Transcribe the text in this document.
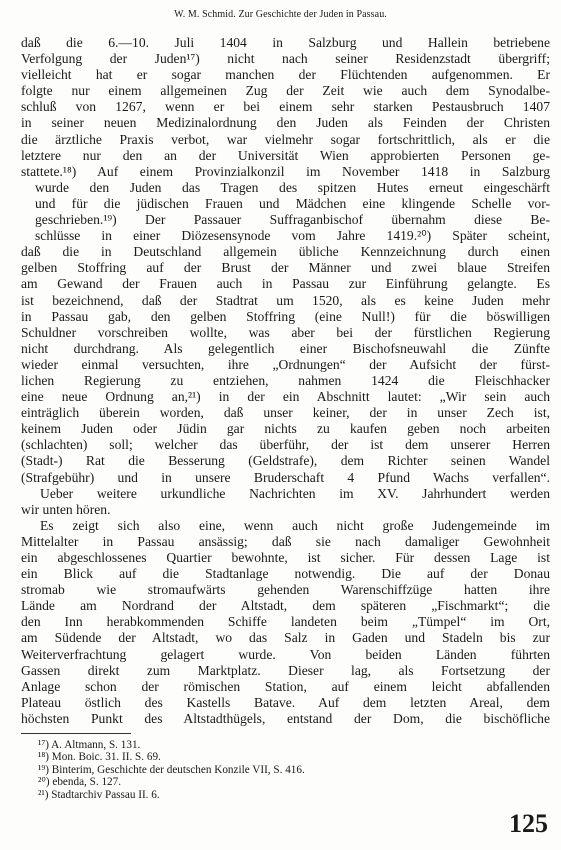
W. M. Schmid. Zur Geschichte der Juden in Passau.
daß die 6.—10. Juli 1404 in Salzburg und Hallein betriebene
Verfolgung der Juden¹⁷) nicht nach seiner Residenzstadt übergriff;
vielleicht hat er sogar manchen der Flüchtenden aufgenommen. Er
folgte nur einem allgemeinen Zug der Zeit wie auch dem Synodalbe-
schluß von 1267, wenn er bei einem sehr starken Pestausbruch 1407
in seiner neuen Medizinalordnung den Juden als Feinden der Christen
die ärztliche Praxis verbot, war vielmehr sogar fortschrittlich, als er die
letztere nur den an der Universität Wien approbierten Personen ge-
stattete.¹⁸) Auf einem Provinzialkonzil im November 1418 in Salzburg
wurde den Juden das Tragen des spitzen Hutes erneut eingeschärft
und für die jüdischen Frauen und Mädchen eine klingende Schelle vor-
geschrieben.¹⁹) Der Passauer Suffraganbischof übernahm diese Be-
schlüsse in einer Diözesensynode vom Jahre 1419.²⁰) Später scheint,
daß die in Deutschland allgemein übliche Kennzeichnung durch einen
gelben Stoffring auf der Brust der Männer und zwei blaue Streifen
am Gewand der Frauen auch in Passau zur Einführung gelangte. Es
ist bezeichnend, daß der Stadtrat um 1520, als es keine Juden mehr
in Passau gab, den gelben Stoffring (eine Null!) für die böswilligen
Schuldner vorschreiben wollte, was aber bei der fürstlichen Regierung
nicht durchdrang. Als gelegentlich einer Bischofsneuwahl die Zünfte
wieder einmal versuchten, ihre „Ordnungen“ der Aufsicht der fürst-
lichen Regierung zu entziehen, nahmen 1424 die Fleischhacker
eine neue Ordnung an,²¹) in der ein Abschnitt lautet: „Wir sein auch
einträglich überein worden, daß unser keiner, der in unser Zech ist,
keinem Juden oder Jüdin gar nichts zu kaufen geben noch arbeiten
(schlachten) soll; welcher das überführ, der ist dem unserer Herren
(Stadt-) Rat die Besserung (Geldstrafe), dem Richter seinen Wandel
(Strafgebühr) und in unsere Bruderschaft 4 Pfund Wachs verfallen“.
Ueber weitere urkundliche Nachrichten im XV. Jahrhundert werden
wir unten hören.
Es zeigt sich also eine, wenn auch nicht große Judengemeinde im
Mittelalter in Passau ansässig; daß sie nach damaliger Gewohnheit
ein abgeschlossenes Quartier bewohnte, ist sicher. Für dessen Lage ist
ein Blick auf die Stadtanlage notwendig. Die auf der Donau
stromab wie stromaufwärts gehenden Warenschiffzüge hatten ihre
Lände am Nordrand der Altstadt, dem späteren „Fischmarkt“; die
den Inn herabkommenden Schiffe landeten beim „Tümpel“ im Ort,
am Südende der Altstadt, wo das Salz in Gaden und Stadeln bis zur
Weiterverfrachtung gelagert wurde. Von beiden Länden führten
Gassen direkt zum Marktplatz. Dieser lag, als Fortsetzung der
Anlage schon der römischen Station, auf einem leicht abfallenden
Plateau östlich des Kastells Batave. Auf dem letzten Areal, dem
höchsten Punkt des Altstadthügels, entstand der Dom, die bischöfliche
¹⁷) A. Altmann, S. 131.
¹⁸) Mon. Boic. 31. II. S. 69.
¹⁹) Binterim, Geschichte der deutschen Konzile VII, S. 416.
²⁰) ebenda, S. 127.
²¹) Stadtarchiv Passau II. 6.
125
